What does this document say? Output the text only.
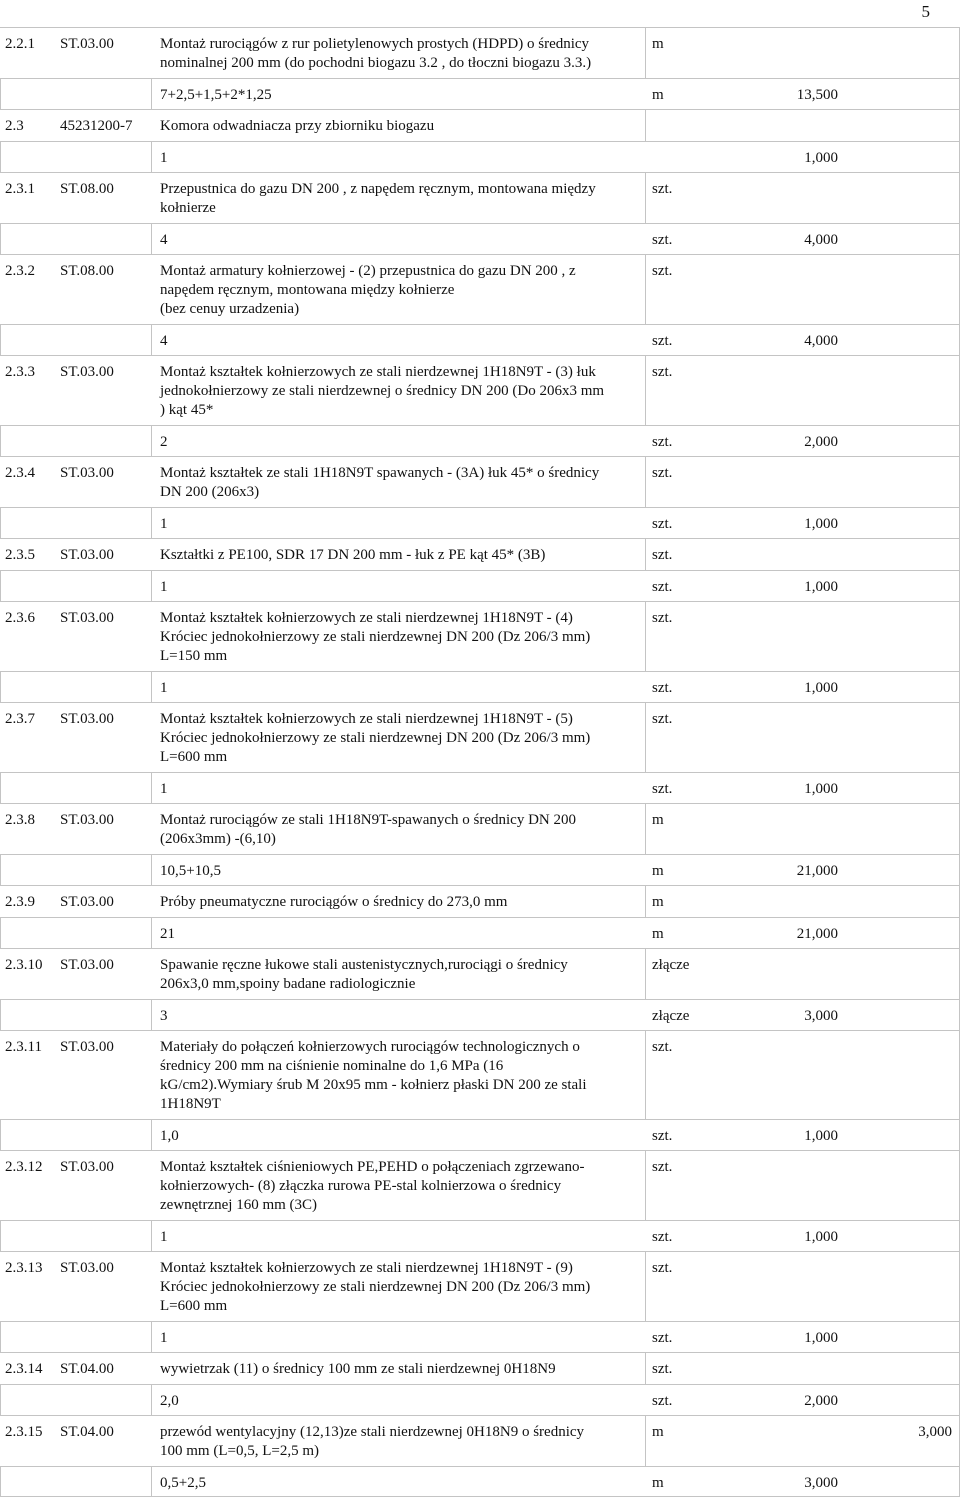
5
2.2.1 ST.03.00	Montaż rurociągów z rur polietylenowych prostych (HDPD) o średnicy
nominalnej 200 mm (do pochodni biogazu 3.2 , do tłoczni biogazu 3.3.)
m
7+2,5+1,5+2*1,25	m	13,500
2.3 45231200-7 Komora odwadniacza przy zbiorniku biogazu
1	1,000
2.3.1 ST.08.00	Przepustnica do gazu DN 200 , z napędem ręcznym, montowana między
kołnierze
szt.
4	szt.	4,000
2.3.2 ST.08.00	Montaż armatury kołnierzowej - (2) przepustnica do gazu DN 200 , z
napędem ręcznym, montowana między kołnierze
(bez cenuy urzadzenia)
szt.
4	szt.	4,000
2.3.3 ST.03.00	Montaż kształtek kołnierzowych ze stali nierdzewnej 1H18N9T - (3) łuk
jednokołnierzowy ze stali nierdzewnej o średnicy DN 200 (Do 206x3 mm
) kąt 45*
szt.
2	szt.	2,000
2.3.4 ST.03.00	Montaż kształtek ze stali 1H18N9T spawanych - (3A) łuk 45* o średnicy
DN 200 (206x3)
szt.
1	szt.	1,000
2.3.5 ST.03.00	Kształtki z PE100, SDR 17 DN 200 mm - łuk z PE kąt 45* (3B)	szt.
1	szt.	1,000
2.3.6 ST.03.00	Montaż kształtek kołnierzowych ze stali nierdzewnej 1H18N9T - (4)
Króciec jednokołnierzowy ze stali nierdzewnej DN 200 (Dz 206/3 mm)
L=150 mm
szt.
1	szt.	1,000
2.3.7 ST.03.00	Montaż kształtek kołnierzowych ze stali nierdzewnej 1H18N9T - (5)
Króciec jednokołnierzowy ze stali nierdzewnej DN 200 (Dz 206/3 mm)
L=600 mm
szt.
1	szt.	1,000
2.3.8 ST.03.00	Montaż rurociągów ze stali 1H18N9T-spawanych o średnicy DN 200
(206x3mm) -(6,10)
m
10,5+10,5	m	21,000
2.3.9 ST.03.00	Próby pneumatyczne rurociągów o średnicy do 273,0 mm	m
21	m	21,000
2.3.10 ST.03.00	Spawanie ręczne łukowe stali austenistycznych,rurociągi o średnicy
206x3,0 mm,spoiny badane radiologicznie
złącze
3	złącze	3,000
2.3.11 ST.03.00	Materiały do połączeń kołnierzowych rurociągów technologicznych o
średnicy 200 mm na ciśnienie nominalne do 1,6 MPa (16
kG/cm2).Wymiary śrub M 20x95 mm - kołnierz płaski DN 200 ze stali
1H18N9T
szt.
1,0	szt.	1,000
2.3.12 ST.03.00	Montaż kształtek ciśnieniowych PE,PEHD o połączeniach zgrzewano-
kołnierzowych- (8) złączka rurowa PE-stal kolnierzowa o średnicy
zewnętrznej 160 mm (3C)
szt.
1	szt.	1,000
2.3.13 ST.03.00	Montaż kształtek kołnierzowych ze stali nierdzewnej 1H18N9T - (9)
Króciec jednokołnierzowy ze stali nierdzewnej DN 200 (Dz 206/3 mm)
L=600 mm
szt.
1	szt.	1,000
2.3.14 ST.04.00	wywietrzak (11) o średnicy 100 mm ze stali nierdzewnej 0H18N9	szt.
2,0	szt.	2,000
2.3.15 ST.04.00	przewód wentylacyjny (12,13)ze stali nierdzewnej 0H18N9 o średnicy
100 mm (L=0,5, L=2,5 m)
m	3,000
0,5+2,5	m	3,000
